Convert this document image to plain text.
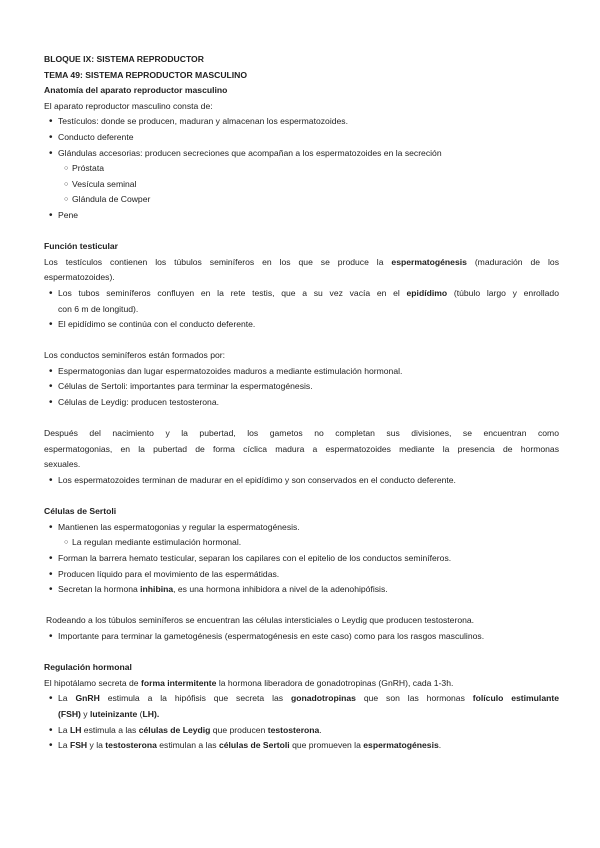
BLOQUE IX: SISTEMA REPRODUCTOR

TEMA 49: SISTEMA REPRODUCTOR MASCULINO

Anatomía del aparato reproductor masculino

El aparato reproductor masculino consta de:

• Testículos: donde se producen, maduran y almacenan los espermatozoides.
• Conducto deferente
• Glándulas accesorias: producen secreciones que acompañan a los espermatozoides en la secreción
○ Próstata
○ Vesícula seminal
○ Glándula de Cowper
• Pene

Función testicular

Los testículos contienen los túbulos seminíferos en los que se produce la espermatogénesis (maduración de los

espermatozoides).

• Los tubos seminíferos confluyen en la rete testis, que a su vez vacía en el epidídimo (túbulo largo y enrollado
con 6 m de longitud).
• El epidídimo se continúa con el conducto deferente.

Los conductos seminíferos están formados por:

• Espermatogonias dan lugar espermatozoides maduros a mediante estimulación hormonal.
• Células de Sertoli: importantes para terminar la espermatogénesis.
• Células de Leydig: producen testosterona.

Después del nacimiento y la pubertad, los gametos no completan sus divisiones, se encuentran como

espermatogonias, en la pubertad de forma cíclica madura a espermatozoides mediante la presencia de hormonas

sexuales.

• Los espermatozoides terminan de madurar en el epidídimo y son conservados en el conducto deferente.

Células de Sertoli

• Mantienen las espermatogonias y regular la espermatogénesis.
○ La regulan mediante estimulación hormonal.
• Forman la barrera hemato testicular, separan los capilares con el epitelio de los conductos seminíferos.
• Producen líquido para el movimiento de las espermátidas.
• Secretan la hormona inhibina, es una hormona inhibidora a nivel de la adenohipófisis.

Rodeando a los túbulos seminíferos se encuentran las células intersticiales o Leydig que producen testosterona.

• Importante para terminar la gametogénesis (espermatogénesis en este caso) como para los rasgos masculinos.

Regulación hormonal

El hipotálamo secreta de forma intermitente la hormona liberadora de gonadotropinas (GnRH), cada 1-3h.

• La GnRH estimula a la hipófisis que secreta las gonadotropinas que son las hormonas folículo estimulante
(FSH) y luteinizante (LH).
• La LH estimula a las células de Leydig que producen testosterona.
• La FSH y la testosterona estimulan a las células de Sertoli que promueven la espermatogénesis.
